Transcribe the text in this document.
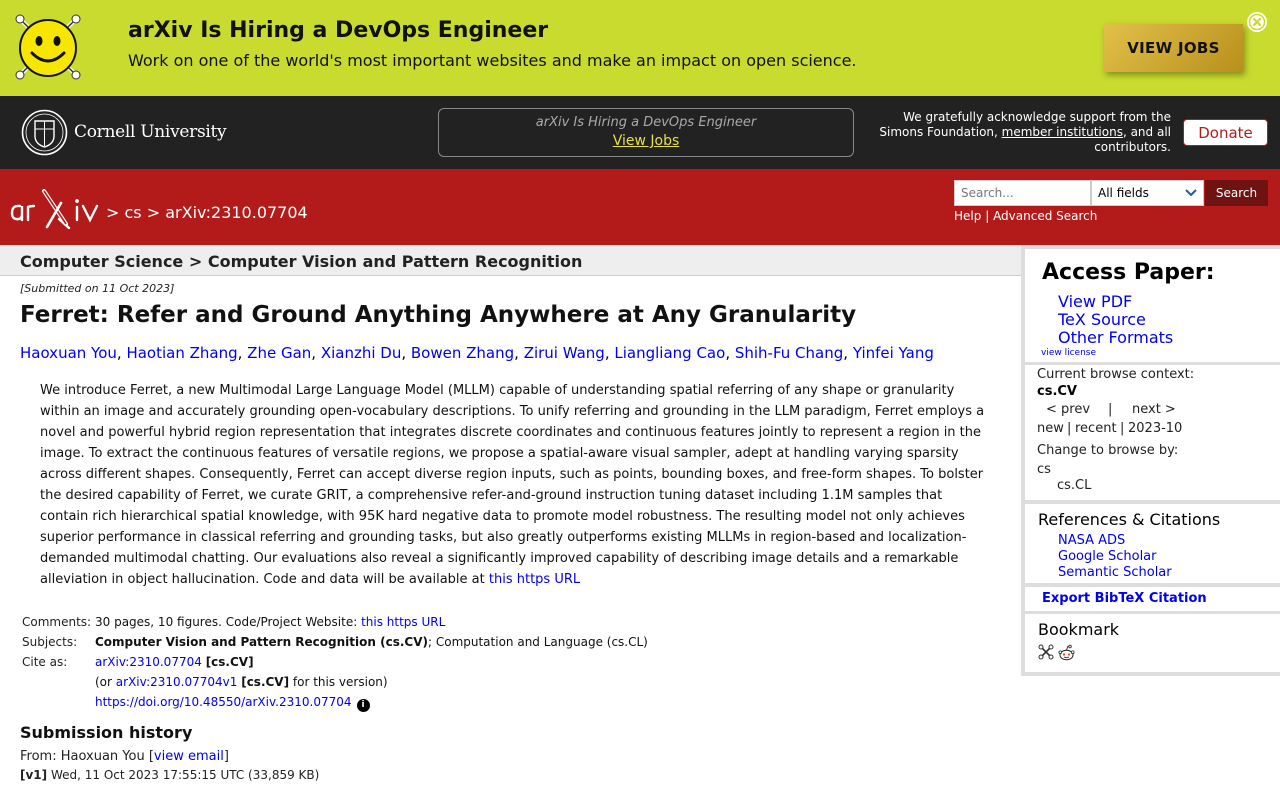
arXiv Is Hiring a DevOps Engineer
Work on one of the world's most important websites and make an impact on open science.
VIEW JOBS
Cornell University	arXiv Is Hiring a DevOps Engineer
View Jobs
We gratefully acknowledge support from the Simons Foundation, member institutions, and all contributors.
Donate
> cs > arXiv:2310.07704
Search...	All fields	Search
Help | Advanced Search
Computer Science > Computer Vision and Pattern Recognition
[Submitted on 11 Oct 2023]
Ferret: Refer and Ground Anything Anywhere at Any Granularity
Haoxuan You, Haotian Zhang, Zhe Gan, Xianzhi Du, Bowen Zhang, Zirui Wang, Liangliang Cao, Shih-Fu Chang, Yinfei Yang
We introduce Ferret, a new Multimodal Large Language Model (MLLM) capable of understanding spatial referring of any shape or granularity within an image and accurately grounding open-vocabulary descriptions. To unify referring and grounding in the LLM paradigm, Ferret employs a novel and powerful hybrid region representation that integrates discrete coordinates and continuous features jointly to represent a region in the image. To extract the continuous features of versatile regions, we propose a spatial-aware visual sampler, adept at handling varying sparsity across different shapes. Consequently, Ferret can accept diverse region inputs, such as points, bounding boxes, and free-form shapes. To bolster the desired capability of Ferret, we curate GRIT, a comprehensive refer-and-ground instruction tuning dataset including 1.1M samples that contain rich hierarchical spatial knowledge, with 95K hard negative data to promote model robustness. The resulting model not only achieves superior performance in classical referring and grounding tasks, but also greatly outperforms existing MLLMs in region-based and localization-demanded multimodal chatting. Our evaluations also reveal a significantly improved capability of describing image details and a remarkable alleviation in object hallucination. Code and data will be available at this https URL
Comments: 30 pages, 10 figures. Code/Project Website: this https URL
Subjects:	Computer Vision and Pattern Recognition (cs.CV); Computation and Language (cs.CL)
Cite as:	arXiv:2310.07704 [cs.CV]
(or arXiv:2310.07704v1 [cs.CV] for this version)
https://doi.org/10.48550/arXiv.2310.07704 i
Submission history
From: Haoxuan You [view email]
[v1] Wed, 11 Oct 2023 17:55:15 UTC (33,859 KB)
Access Paper:
View PDF
TeX Source
Other Formats
view license
Current browse context:
cs.CV
< prev | next >
new | recent | 2023-10
Change to browse by:
cs
cs.CL
References & Citations
NASA ADS
Google Scholar
Semantic Scholar
Export BibTeX Citation
Bookmark
